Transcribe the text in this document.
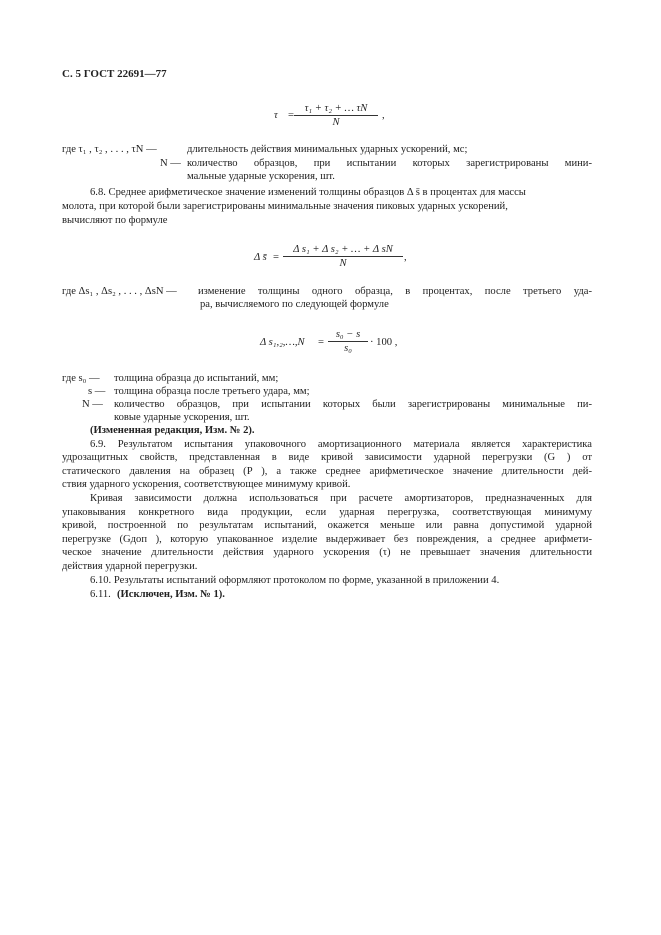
С. 5 ГОСТ 22691—77
τ =
τ₁ + τ₂ + … τN
N
,
где τ₁ , τ₂ , . . . , τN —	длительность действия минимальных ударных ускорений, мс;
N — количество образцов, при испытании которых зарегистрированы мини-
мальные ударные ускорения, шт.
6.8. Среднее арифметическое значение изменений толщины образцов Δ s̄ в процентах для массы
молота, при которой были зарегистрированы минимальные значения пиковых ударных ускорений,
вычисляют по формуле
Δ s̄ =
Δ s₁ + Δ s₂ + … + Δ sN
N
,
где Δs₁ , Δs₂ , . . . , ΔsN — изменение толщины одного образца, в процентах, после третьего уда-
ра, вычисляемого по следующей формуле
Δ s₁,₂,…,N =
s₀ − s
s₀
· 100 ,
где s₀ — толщина образца до испытаний, мм;
s — толщина образца после третьего удара, мм;
N — количество образцов, при испытании которых были зарегистрированы минимальные пи-
ковые ударные ускорения, шт.
(Измененная редакция, Изм. № 2).
6.9. Результатом испытания упаковочного амортизационного материала является характеристика
удрозащитных свойств, представленная в виде кривой зависимости ударной перегрузки (G ) от
статического давления на образец (P ), а также среднее арифметическое значение длительности дей-
ствия ударного ускорения, соответствующее минимуму кривой.
Кривая зависимости должна использоваться при расчете амортизаторов, предназначенных для
упаковывания конкретного вида продукции, если ударная перегрузка, соответствующая минимуму
кривой, построенной по результатам испытаний, окажется меньше или равна допустимой ударной
перегрузке (Gдоп ), которую упакованное изделие выдерживает без повреждения, а среднее арифмети-
ческое значение длительности действия ударного ускорения (τ) не превышает значения длительности
действия ударной перегрузки.
6.10. Результаты испытаний оформляют протоколом по форме, указанной в приложении 4.
6.11. (Исключен, Изм. № 1).
